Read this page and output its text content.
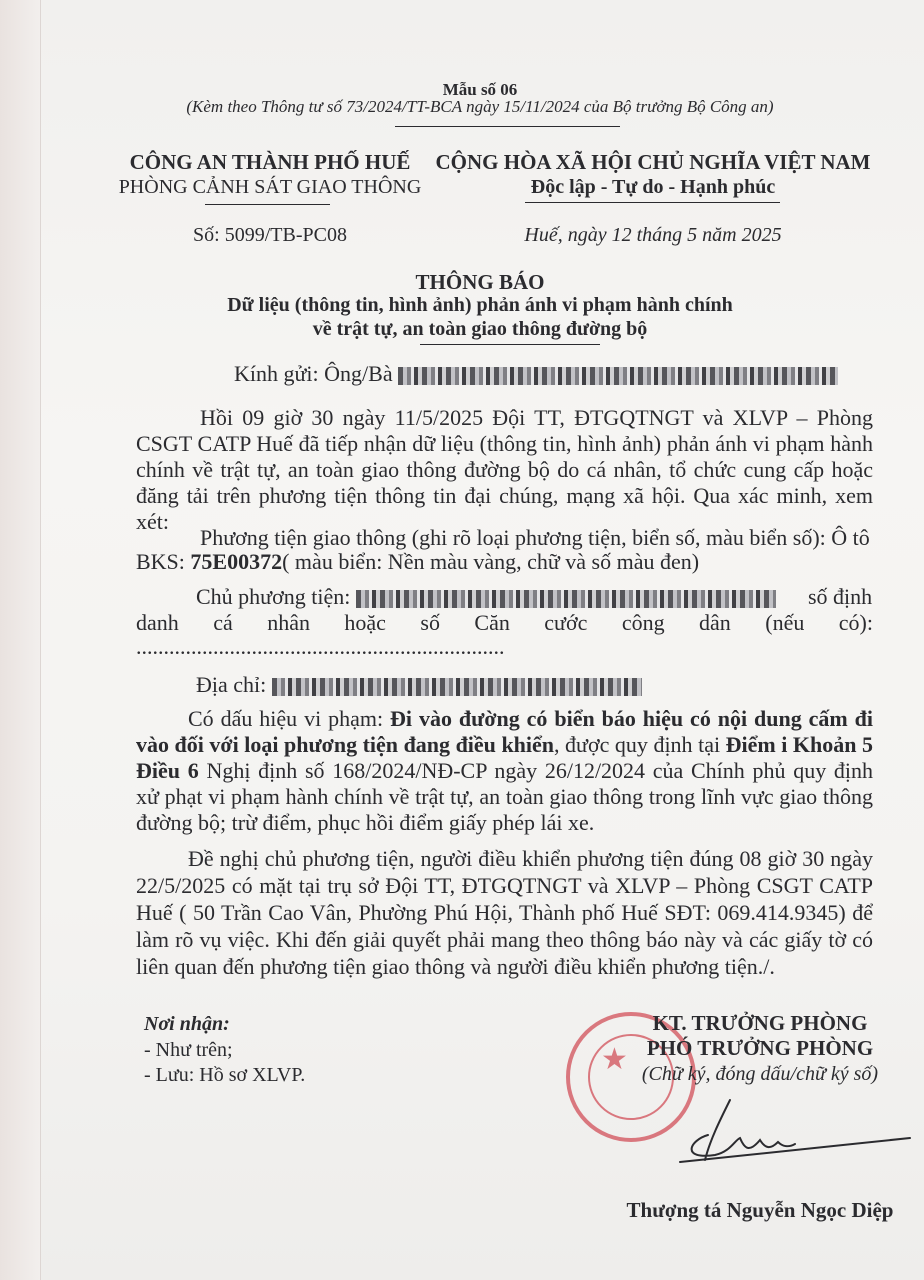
Mẫu số 06
(Kèm theo Thông tư số 73/2024/TT-BCA ngày 15/11/2024 của Bộ trưởng Bộ Công an)
CÔNG AN THÀNH PHỐ HUẾ
PHÒNG CẢNH SÁT GIAO THÔNG
Số: 5099/TB-PC08
CỘNG HÒA XÃ HỘI CHỦ NGHĨA VIỆT NAM
Độc lập - Tự do - Hạnh phúc
Huế, ngày 12 tháng 5 năm 2025
THÔNG BÁO
Dữ liệu (thông tin, hình ảnh) phản ánh vi phạm hành chính
về trật tự, an toàn giao thông đường bộ
Kính gửi: Ông/Bà
Hồi 09 giờ 30 ngày 11/5/2025 Đội TT, ĐTGQTNGT và XLVP – Phòng CSGT CATP Huế đã tiếp nhận dữ liệu (thông tin, hình ảnh) phản ánh vi phạm hành chính về trật tự, an toàn giao thông đường bộ do cá nhân, tổ chức cung cấp hoặc đăng tải trên phương tiện thông tin đại chúng, mạng xã hội. Qua xác minh, xem xét:
Phương tiện giao thông (ghi rõ loại phương tiện, biển số, màu biển số): Ô tô
BKS: 75E00372( màu biển: Nền màu vàng, chữ và số màu đen)
Chủ phương tiện:	số định
danh cá nhân hoặc số Căn cước công dân (nếu có):
...................................................................
Địa chỉ:
Có dấu hiệu vi phạm: Đi vào đường có biển báo hiệu có nội dung cấm đi vào đối với loại phương tiện đang điều khiển, được quy định tại Điểm i Khoản 5 Điều 6 Nghị định số 168/2024/NĐ-CP ngày 26/12/2024 của Chính phủ quy định xử phạt vi phạm hành chính về trật tự, an toàn giao thông trong lĩnh vực giao thông đường bộ; trừ điểm, phục hồi điểm giấy phép lái xe.
Đề nghị chủ phương tiện, người điều khiển phương tiện đúng 08 giờ 30 ngày 22/5/2025 có mặt tại trụ sở Đội TT, ĐTGQTNGT và XLVP – Phòng CSGT CATP Huế ( 50 Trần Cao Vân, Phường Phú Hội, Thành phố Huế SĐT: 069.414.9345) để làm rõ vụ việc. Khi đến giải quyết phải mang theo thông báo này và các giấy tờ có liên quan đến phương tiện giao thông và người điều khiển phương tiện./.
Nơi nhận:
- Như trên;
- Lưu: Hồ sơ XLVP.	★
KT. TRƯỞNG PHÒNG
PHÓ TRƯỞNG PHÒNG
(Chữ ký, đóng dấu/chữ ký số)
Thượng tá Nguyễn Ngọc Diệp
